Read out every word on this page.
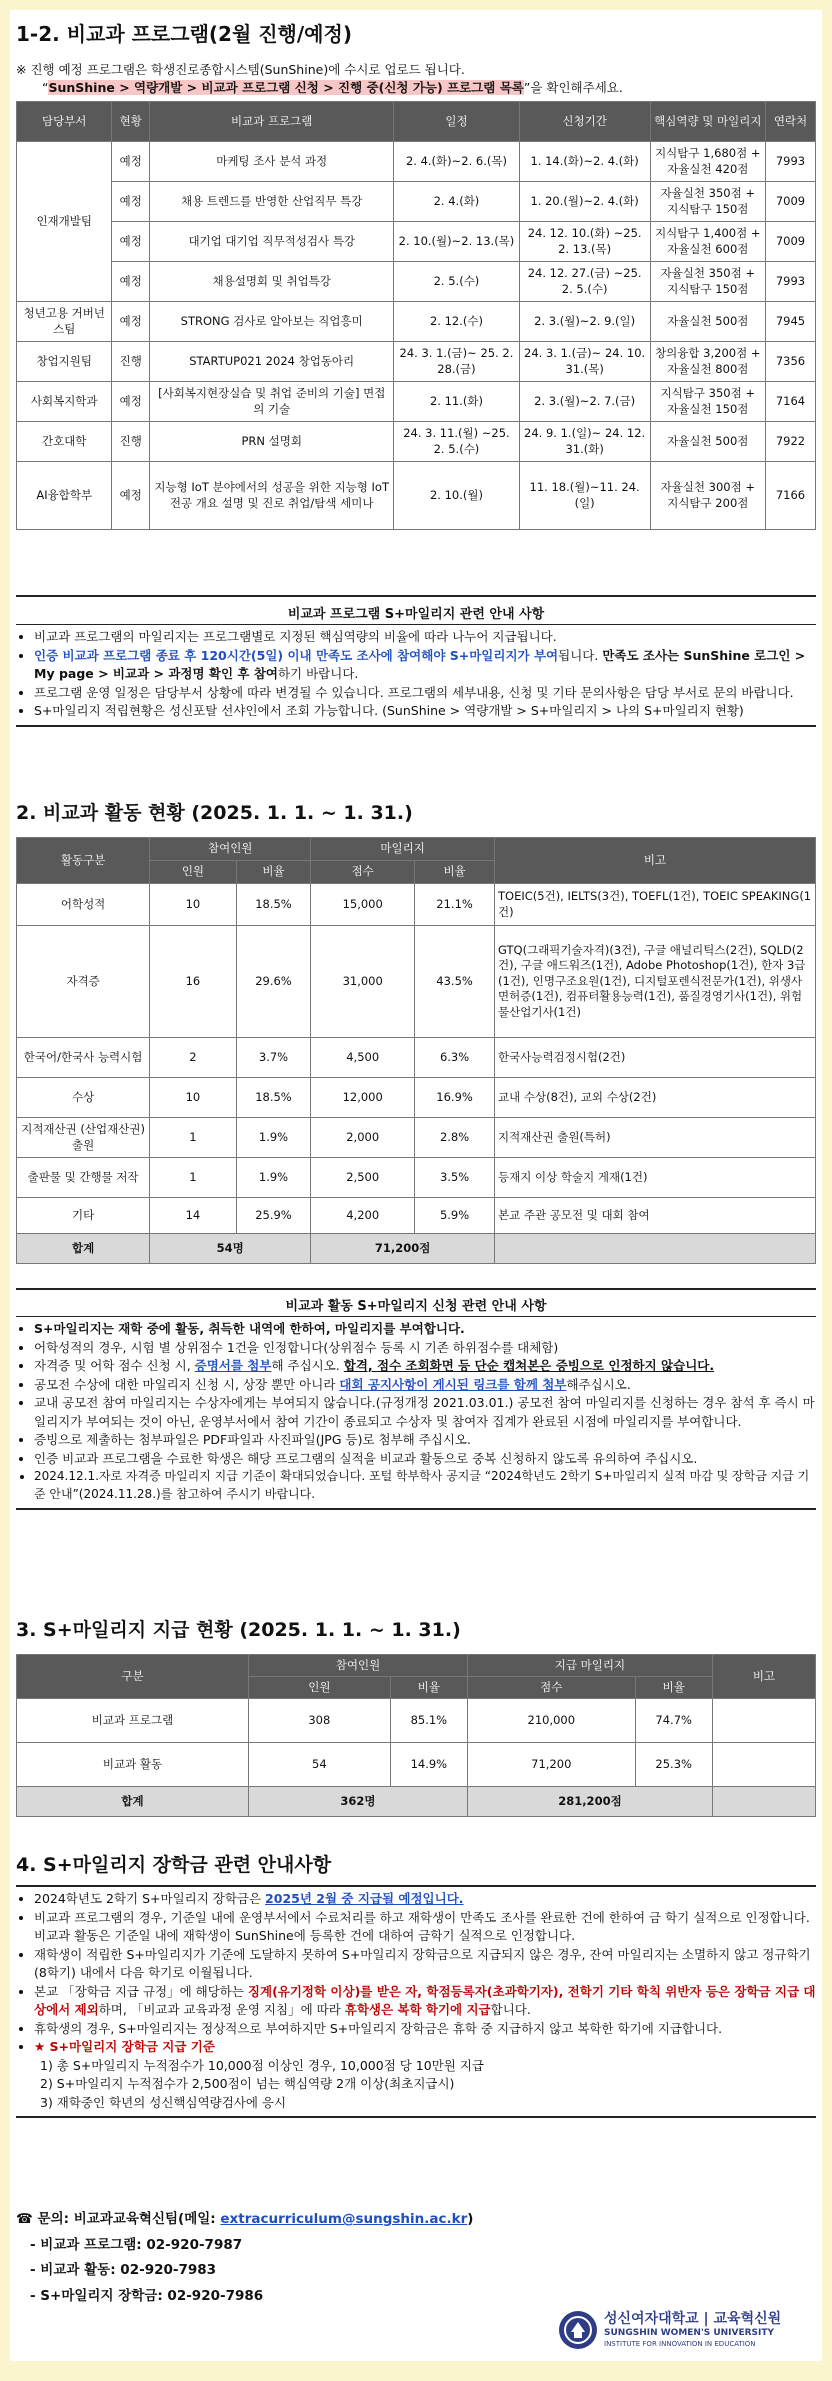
1-2. 비교과 프로그램(2월 진행/예정)
※ 진행 예정 프로그램은 학생진로종합시스템(SunShine)에 수시로 업로드 됩니다.
“SunShine > 역량개발 > 비교과 프로그램 신청 > 진행 중(신청 가능) 프로그램 목록”을 확인해주세요.
담당부서	현황	비교과 프로그램	일정	신청기간	핵심역량 및 마일리지	연락처
인재개발팀	예정	마케팅 조사 분석 과정	2. 4.(화)~2. 6.(목)	1. 14.(화)~2. 4.(화)	지식탐구 1,680점 + 자율실천 420점	7993
	예정	채용 트렌드를 반영한 산업직무 특강	2. 4.(화)	1. 20.(월)~2. 4.(화)	자율실천 350점 + 지식탐구 150점	7009
	예정	대기업 대기업 직무적성검사 특강	2. 10.(월)~2. 13.(목)	24. 12. 10.(화) ~25. 2. 13.(목)	지식탐구 1,400점 + 자율실천 600점	7009
	예정	채용설명회 및 취업특강	2. 5.(수)	24. 12. 27.(금) ~25. 2. 5.(수)	자율실천 350점 + 지식탐구 150점	7993
청년고용 거버넌스팀	예정	STRONG 검사로 알아보는 직업흥미	2. 12.(수)	2. 3.(월)~2. 9.(일)	자율실천 500점	7945
창업지원팀	진행	STARTUP021 2024 창업동아리	24. 3. 1.(금)~ 25. 2. 28.(금)	24. 3. 1.(금)~ 24. 10. 31.(목)	창의융합 3,200점 + 자율실천 800점	7356
사회복지학과	예정	[사회복지현장실습 및 취업 준비의 기술] 면접의 기술	2. 11.(화)	2. 3.(월)~2. 7.(금)	지식탐구 350점 + 자율실천 150점	7164
간호대학	진행	PRN 설명회	24. 3. 11.(월) ~25. 2. 5.(수)	24. 9. 1.(일)~ 24. 12. 31.(화)	자율실천 500점	7922
AI융합학부	예정	지능형 IoT 분야에서의 성공을 위한 지능형 IoT 전공 개요 설명 및 진로 취업/탐색 세미나	2. 10.(월)	11. 18.(월)~11. 24.(일)	자율실천 300점 + 지식탐구 200점	7166
비교과 프로그램 S+마일리지 관련 안내 사항
• 비교과 프로그램의 마일리지는 프로그램별로 지정된 핵심역량의 비율에 따라 나누어 지급됩니다.
• 인증 비교과 프로그램 종료 후 120시간(5일) 이내 만족도 조사에 참여해야 S+마일리지가 부여됩니다. 만족도 조사는 SunShine 로그인 > My page > 비교과 > 과정명 확인 후 참여하기 바랍니다.
• 프로그램 운영 일정은 담당부서 상황에 따라 변경될 수 있습니다. 프로그램의 세부내용, 신청 및 기타 문의사항은 담당 부서로 문의 바랍니다.
• S+마일리지 적립현황은 성신포탈 선샤인에서 조회 가능합니다. (SunShine > 역량개발 > S+마일리지 > 나의 S+마일리지 현황)
2. 비교과 활동 현황 (2025. 1. 1. ~ 1. 31.)
활동구분	참여인원		마일리지		비고
	인원	비율	점수	비율	
어학성적	10	18.5%	15,000	21.1%	TOEIC(5건), IELTS(3건), TOEFL(1건), TOEIC SPEAKING(1건)
자격증	16	29.6%	31,000	43.5%	GTQ(그래픽기술자격)(3건), 구글 애널리틱스(2건), SQLD(2건), 구글 애드워즈(1건), Adobe Photoshop(1건), 한자 3급(1건), 인명구조요원(1건), 디지털포렌식전문가(1건), 위생사 면허증(1건), 컴퓨터활용능력(1건), 품질경영기사(1건), 위험물산업기사(1건)
한국어/한국사 능력시험	2	3.7%	4,500	6.3%	한국사능력검정시험(2건)
수상	10	18.5%	12,000	16.9%	교내 수상(8건), 교외 수상(2건)
지적재산권 (산업재산권)출원	1	1.9%	2,000	2.8%	지적재산권 출원(특허)
출판물 및 간행물 저작	1	1.9%	2,500	3.5%	등재지 이상 학술지 게재(1건)
기타	14	25.9%	4,200	5.9%	본교 주관 공모전 및 대회 참여
합계	54명		71,200점		
비교과 활동 S+마일리지 신청 관련 안내 사항
• S+마일리지는 재학 중에 활동, 취득한 내역에 한하여, 마일리지를 부여합니다.
• 어학성적의 경우, 시험 별 상위점수 1건을 인정합니다(상위점수 등록 시 기존 하위점수를 대체함)
• 자격증 및 어학 점수 신청 시, 증명서를 첨부해 주십시오. 합격, 점수 조회화면 등 단순 캡쳐본은 증빙으로 인정하지 않습니다.
• 공모전 수상에 대한 마일리지 신청 시, 상장 뿐만 아니라 대회 공지사항이 게시된 링크를 함께 첨부해주십시오.
• 교내 공모전 참여 마일리지는 수상자에게는 부여되지 않습니다.(규정개정 2021.03.01.) 공모전 참여 마일리지를 신청하는 경우 참석 후 즉시 마일리지가 부여되는 것이 아닌, 운영부서에서 참여 기간이 종료되고 수상자 및 참여자 집계가 완료된 시점에 마일리지를 부여합니다.
• 증빙으로 제출하는 첨부파일은 PDF파일과 사진파일(JPG 등)로 첨부해 주십시오.
• 인증 비교과 프로그램을 수료한 학생은 해당 프로그램의 실적을 비교과 활동으로 중복 신청하지 않도록 유의하여 주십시오.
• 2024.12.1.자로 자격증 마일리지 지급 기준이 확대되었습니다. 포털 학부학사 공지글 “2024학년도 2학기 S+마일리지 실적 마감 및 장학금 지급 기준 안내”(2024.11.28.)를 참고하여 주시기 바랍니다.
3. S+마일리지 지급 현황 (2025. 1. 1. ~ 1. 31.)
구분	참여인원		지급 마일리지		비고
	인원	비율	점수	비율	
비교과 프로그램	308	85.1%	210,000	74.7%	
비교과 활동	54	14.9%	71,200	25.3%	
합계	362명		281,200점		
4. S+마일리지 장학금 관련 안내사항
• 2024학년도 2학기 S+마일리지 장학금은 2025년 2월 중 지급될 예정입니다.
• 비교과 프로그램의 경우, 기준일 내에 운영부서에서 수료처리를 하고 재학생이 만족도 조사를 완료한 건에 한하여 금 학기 실적으로 인정합니다. 비교과 활동은 기준일 내에 재학생이 SunShine에 등록한 건에 대하여 금학기 실적으로 인정합니다.
• 재학생이 적립한 S+마일리지가 기준에 도달하지 못하여 S+마일리지 장학금으로 지급되지 않은 경우, 잔여 마일리지는 소멸하지 않고 정규학기(8학기) 내에서 다음 학기로 이월됩니다.
• 본교 「장학금 지급 규정」에 해당하는 징계(유기정학 이상)를 받은 자, 학점등록자(초과학기자), 전학기 기타 학칙 위반자 등은 장학금 지급 대상에서 제외하며, 「비교과 교육과정 운영 지침」에 따라 휴학생은 복학 학기에 지급합니다.
• 휴학생의 경우, S+마일리지는 정상적으로 부여하지만 S+마일리지 장학금은 휴학 중 지급하지 않고 복학한 학기에 지급합니다.
• ★ S+마일리지 장학금 지급 기준
1) 총 S+마일리지 누적점수가 10,000점 이상인 경우, 10,000점 당 10만원 지급
2) S+마일리지 누적점수가 2,500점이 넘는 핵심역량 2개 이상(최초지급시)
3) 재학중인 학년의 성신핵심역량검사에 응시
☎ 문의: 비교과교육혁신팀(메일: extracurriculum@sungshin.ac.kr)
- 비교과 프로그램: 02-920-7987
- 비교과 활동: 02-920-7983
- S+마일리지 장학금: 02-920-7986
성신여자대학교 | 교육혁신원
SUNGSHIN WOMEN'S UNIVERSITY
INSTITUTE FOR INNOVATION IN EDUCATION
